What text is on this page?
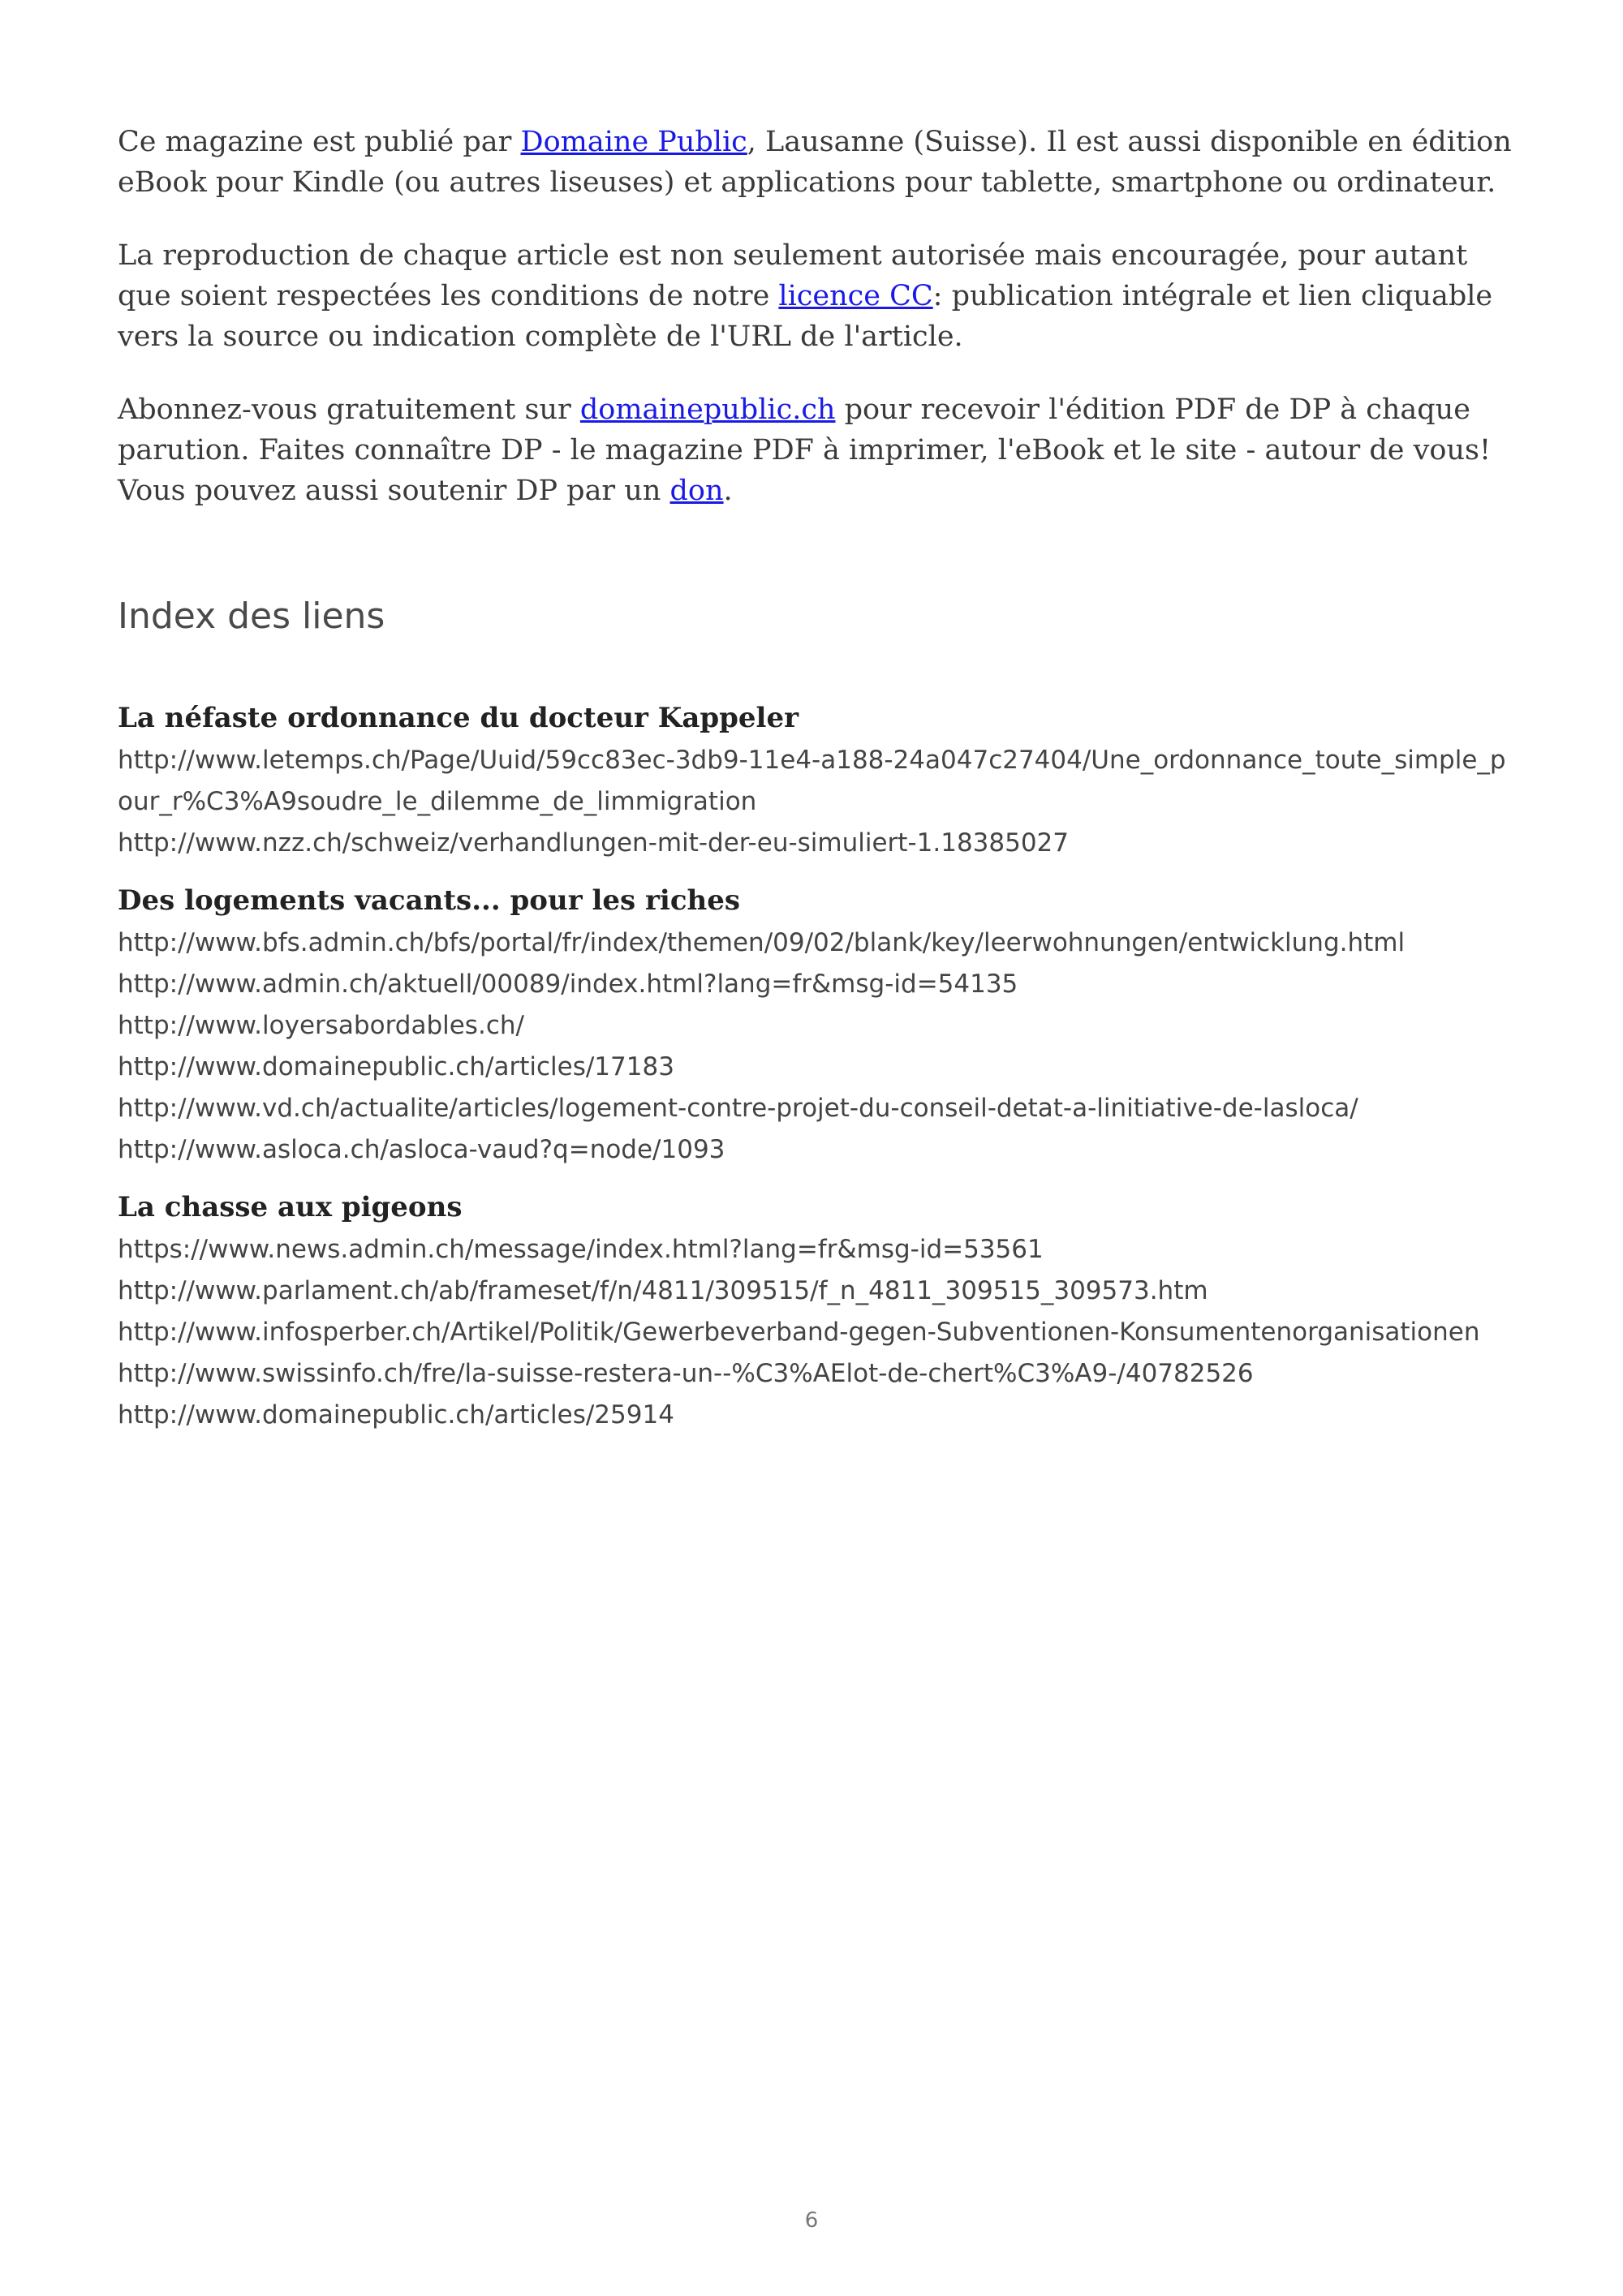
Ce magazine est publié par Domaine Public, Lausanne (Suisse). Il est aussi disponible en édition eBook pour Kindle (ou autres liseuses) et applications pour tablette, smartphone ou ordinateur.

La reproduction de chaque article est non seulement autorisée mais encouragée, pour autant que soient respectées les conditions de notre licence CC: publication intégrale et lien cliquable vers la source ou indication complète de l'URL de l'article.

Abonnez-vous gratuitement sur domainepublic.ch pour recevoir l'édition PDF de DP à chaque parution. Faites connaître DP - le magazine PDF à imprimer, l'eBook et le site - autour de vous! Vous pouvez aussi soutenir DP par un don.

Index des liens
La néfaste ordonnance du docteur Kappeler
http://www.letemps.ch/Page/Uuid/59cc83ec-3db9-11e4-a188-24a047c27404/Une_ordonnance_toute_simple_pour_r%C3%A9soudre_le_dilemme_de_limmigration
http://www.nzz.ch/schweiz/verhandlungen-mit-der-eu-simuliert-1.18385027
Des logements vacants... pour les riches
http://www.bfs.admin.ch/bfs/portal/fr/index/themen/09/02/blank/key/leerwohnungen/entwicklung.html
http://www.admin.ch/aktuell/00089/index.html?lang=fr&msg-id=54135
http://www.loyersabordables.ch/
http://www.domainepublic.ch/articles/17183
http://www.vd.ch/actualite/articles/logement-contre-projet-du-conseil-detat-a-linitiative-de-lasloca/
http://www.asloca.ch/asloca-vaud?q=node/1093
La chasse aux pigeons
https://www.news.admin.ch/message/index.html?lang=fr&msg-id=53561
http://www.parlament.ch/ab/frameset/f/n/4811/309515/f_n_4811_309515_309573.htm
http://www.infosperber.ch/Artikel/Politik/Gewerbeverband-gegen-Subventionen-Konsumentenorganisationen
http://www.swissinfo.ch/fre/la-suisse-restera-un--%C3%AElot-de-chert%C3%A9-/40782526
http://www.domainepublic.ch/articles/25914
6
